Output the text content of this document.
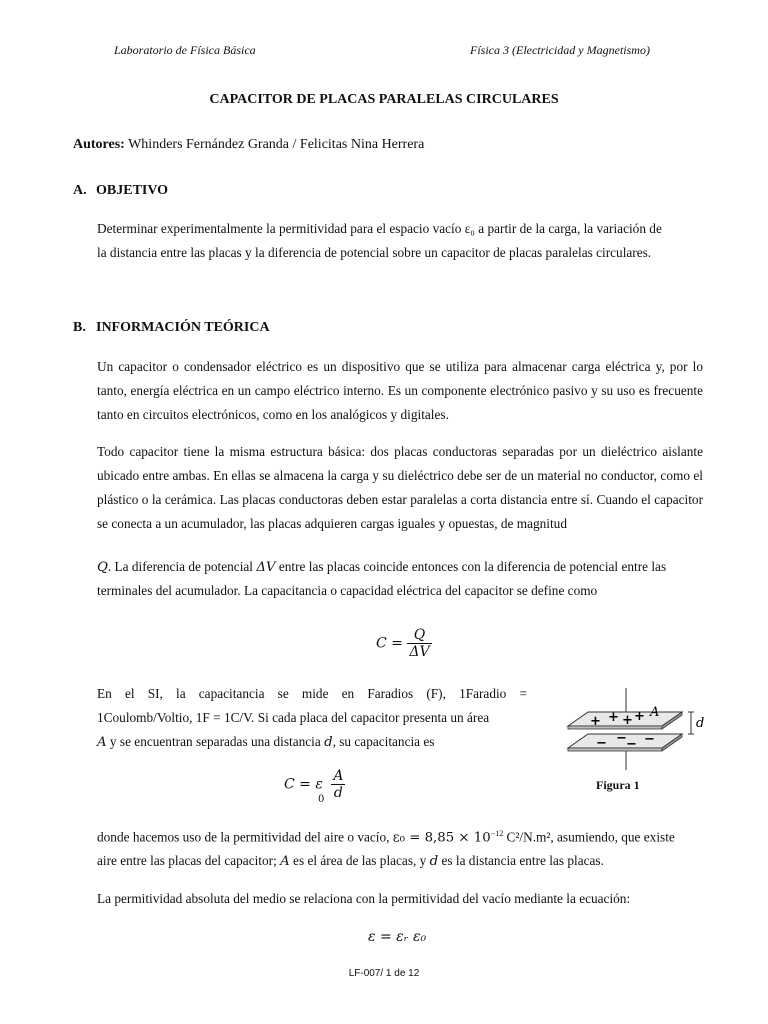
Laboratorio de Física Básica	Física 3 (Electricidad y Magnetismo)
CAPACITOR DE PLACAS PARALELAS CIRCULARES
Autores: Whinders Fernández Granda / Felicitas Nina Herrera
A. OBJETIVO
Determinar experimentalmente la permitividad para el espacio vacío ε₀ a partir de la carga, la variación de
la distancia entre las placas y la diferencia de potencial sobre un capacitor de placas paralelas circulares.
B. INFORMACIÓN TEÓRICA

Un capacitor o condensador eléctrico es un dispositivo que se utiliza para almacenar carga eléctrica y, por lo tanto, energía eléctrica en un campo eléctrico interno. Es un componente electrónico pasivo y su uso es frecuente tanto en circuitos electrónicos, como en los analógicos y digitales.

Todo capacitor tiene la misma estructura básica: dos placas conductoras separadas por un dieléctrico aislante ubicado entre ambas. En ellas se almacena la carga y su dieléctrico debe ser de un material no conductor, como el plástico o la cerámica. Las placas conductoras deben estar paralelas a corta distancia entre sí. Cuando el capacitor se conecta a un acumulador, las placas adquieren cargas iguales y opuestas, de magnitud

Q. La diferencia de potencial ΔV entre las placas coincide entonces con la diferencia de potencial entre las
terminales del acumulador. La capacitancia o capacidad eléctrica del capacitor se define como
$C = \frac{Q}{\Delta V}$
En el SI, la capacitancia se mide en Faradios (F), 1Faradio =
1Coulomb/Voltio, 1F = 1C/V. Si cada placa del capacitor presenta un área
A y se encuentran separadas una distancia d, su capacitancia es
C = ε $\frac{A}{d}$
0
+ + + +
− − − −
A
d
Figura 1
donde hacemos uso de la permitividad del aire o vacío, $\varepsilon_0 = 8,85 \times 10^{-12}$ C²/N.m², asumiendo, que existe
aire entre las placas del capacitor; A es el área de las placas, y d es la distancia entre las placas.
La permitividad absoluta del medio se relaciona con la permitividad del vacío mediante la ecuación:
ε = εᵣ ε₀
LF-007/ 1 de 12
